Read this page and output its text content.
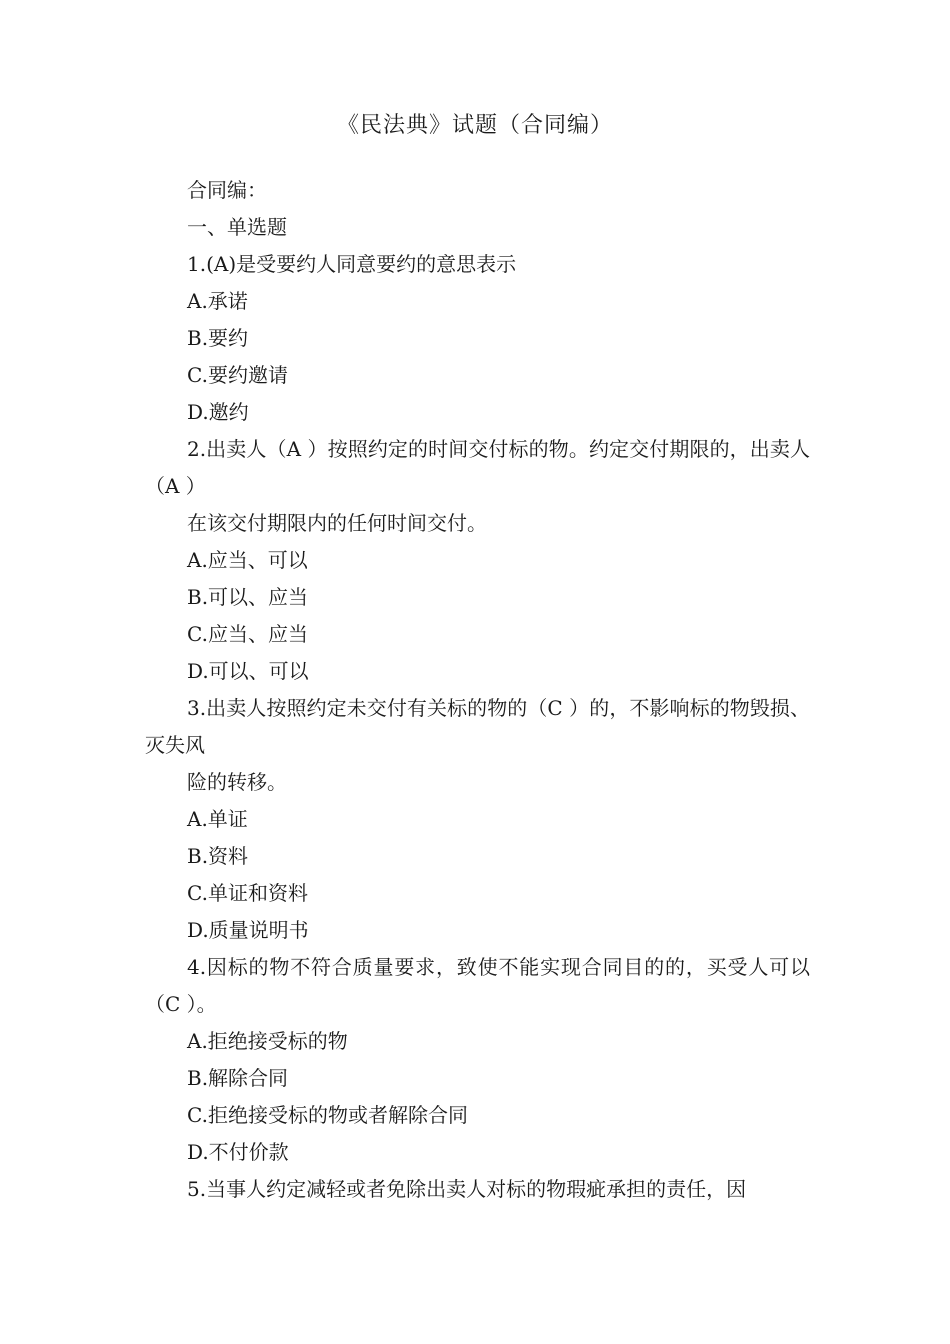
《民法典》试题（合同编）

合同编：

一、单选题

1.(A)是受要约人同意要约的意思表示

A.承诺

B.要约

C.要约邀请

D.邀约

2.出卖人（A ）按照约定的时间交付标的物。约定交付期限的，出卖人（A ）

在该交付期限内的任何时间交付。

A.应当、可以

B.可以、应当

C.应当、应当

D.可以、可以

3.出卖人按照约定未交付有关标的物的（C ）的，不影响标的物毁损、灭失风

险的转移。

A.单证

B.资料

C.单证和资料

D.质量说明书

4.因标的物不符合质量要求，致使不能实现合同目的的，买受人可以（C ）。

A.拒绝接受标的物

B.解除合同

C.拒绝接受标的物或者解除合同

D.不付价款

5.当事人约定减轻或者免除出卖人对标的物瑕疵承担的责任，因
